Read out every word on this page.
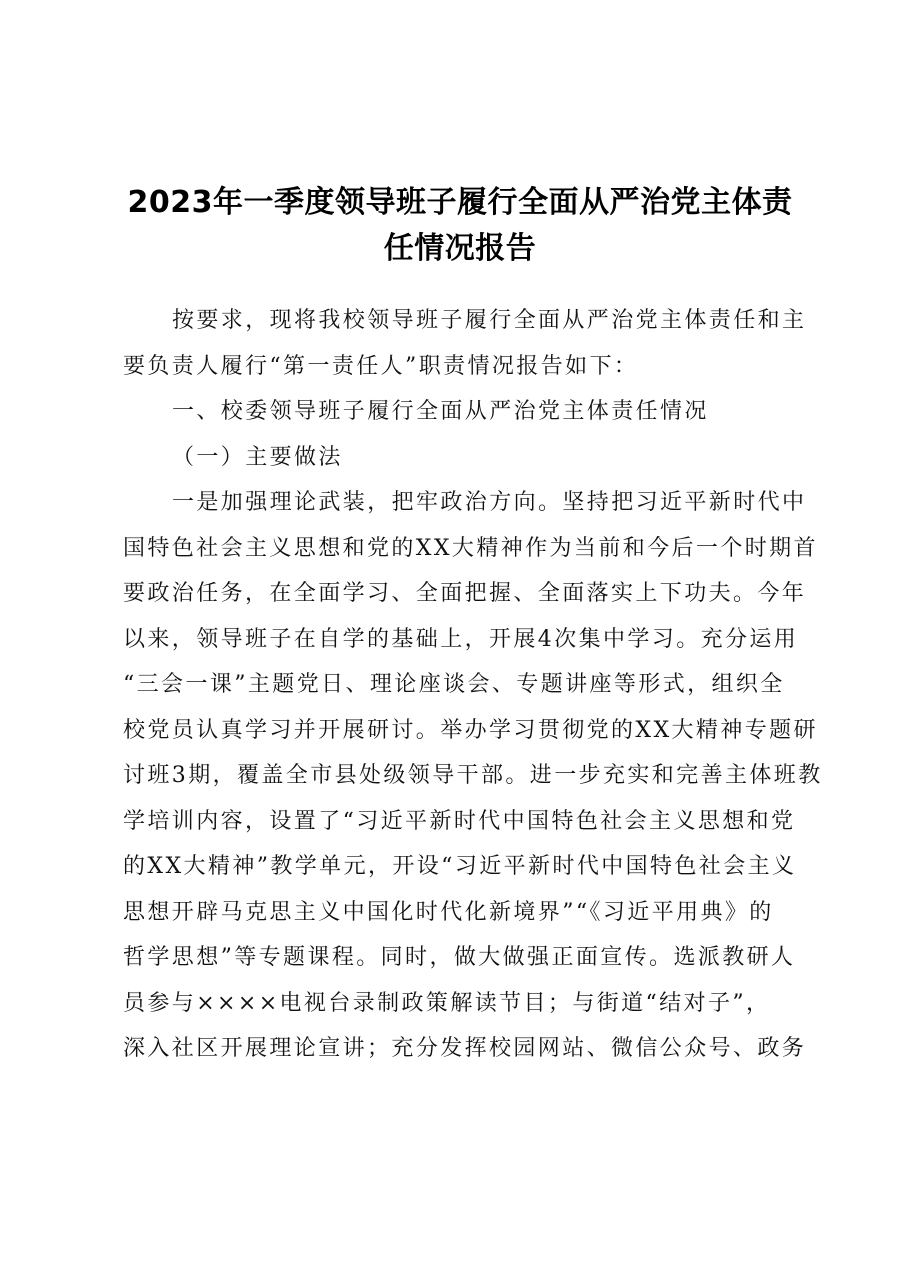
2023年一季度领导班子履行全面从严治党主体责
任情况报告

按要求，现将我校领导班子履行全面从严治党主体责任和主
要负责人履行“第一责任人”职责情况报告如下：

一、校委领导班子履行全面从严治党主体责任情况

（一）主要做法

一是加强理论武装，把牢政治方向。坚持把习近平新时代中
国特色社会主义思想和党的XX大精神作为当前和今后一个时期首
要政治任务，在全面学习、全面把握、全面落实上下功夫。今年
以来，领导班子在自学的基础上，开展4次集中学习。充分运用
“三会一课”主题党日、理论座谈会、专题讲座等形式，组织全
校党员认真学习并开展研讨。举办学习贯彻党的XX大精神专题研
讨班3期，覆盖全市县处级领导干部。进一步充实和完善主体班教
学培训内容，设置了“习近平新时代中国特色社会主义思想和党
的XX大精神”教学单元，开设“习近平新时代中国特色社会主义
思想开辟马克思主义中国化时代化新境界”“《习近平用典》的
哲学思想”等专题课程。同时，做大做强正面宣传。选派教研人
员参与××××电视台录制政策解读节目；与街道“结对子”，
深入社区开展理论宣讲；充分发挥校园网站、微信公众号、政务
